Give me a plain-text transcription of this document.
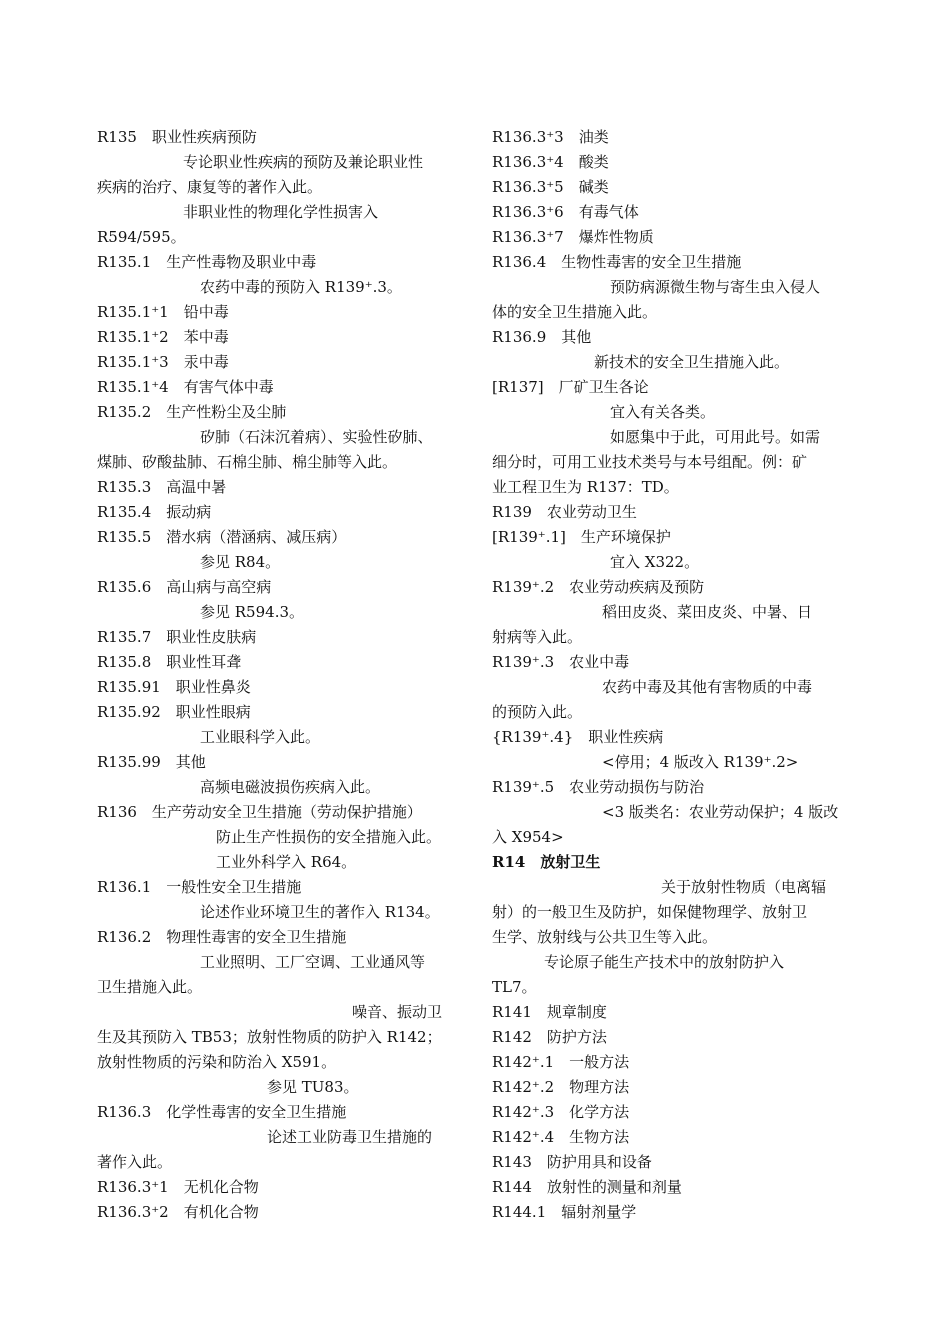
R135　职业性疾病预防
专论职业性疾病的预防及兼论职业性
疾病的治疗、康复等的著作入此。
非职业性的物理化学性损害入
R594/595。
R135.1　生产性毒物及职业中毒
农药中毒的预防入 R139⁺.3。
R135.1⁺1　铅中毒
R135.1⁺2　苯中毒
R135.1⁺3　汞中毒
R135.1⁺4　有害气体中毒
R135.2　生产性粉尘及尘肺
矽肺（石沫沉着病）、实验性矽肺、
煤肺、矽酸盐肺、石棉尘肺、棉尘肺等入此。
R135.3　高温中暑
R135.4　振动病
R135.5　潜水病（潜涵病、减压病）
参见 R84。
R135.6　高山病与高空病
参见 R594.3。
R135.7　职业性皮肤病
R135.8　职业性耳聋
R135.91　职业性鼻炎
R135.92　职业性眼病
工业眼科学入此。
R135.99　其他
高频电磁波损伤疾病入此。
R136　生产劳动安全卫生措施（劳动保护措施）
防止生产性损伤的安全措施入此。
工业外科学入 R64。
R136.1　一般性安全卫生措施
论述作业环境卫生的著作入 R134。
R136.2　物理性毒害的安全卫生措施
工业照明、工厂空调、工业通风等
卫生措施入此。
噪音、振动卫
生及其预防入 TB53；放射性物质的防护入 R142；
放射性物质的污染和防治入 X591。
参见 TU83。
R136.3　化学性毒害的安全卫生措施
论述工业防毒卫生措施的
著作入此。
R136.3⁺1　无机化合物
R136.3⁺2　有机化合物
R136.3⁺3　油类
R136.3⁺4　酸类
R136.3⁺5　碱类
R136.3⁺6　有毒气体
R136.3⁺7　爆炸性物质
R136.4　生物性毒害的安全卫生措施
预防病源微生物与寄生虫入侵人
体的安全卫生措施入此。
R136.9　其他
新技术的安全卫生措施入此。
[R137]　厂矿卫生各论
宜入有关各类。
如愿集中于此，可用此号。如需
细分时，可用工业技术类号与本号组配。例：矿
业工程卫生为 R137：TD。
R139　农业劳动卫生
[R139⁺.1]　生产环境保护
宜入 X322。
R139⁺.2　农业劳动疾病及预防
稻田皮炎、菜田皮炎、中暑、日
射病等入此。
R139⁺.3　农业中毒
农药中毒及其他有害物质的中毒
的预防入此。
{R139⁺.4}　职业性疾病
<停用；4 版改入 R139⁺.2>
R139⁺.5　农业劳动损伤与防治
<3 版类名：农业劳动保护；4 版改
入 X954>
R14　放射卫生
关于放射性物质（电离辐
射）的一般卫生及防护，如保健物理学、放射卫
生学、放射线与公共卫生等入此。
专论原子能生产技术中的放射防护入
TL7。
R141　规章制度
R142　防护方法
R142⁺.1　一般方法
R142⁺.2　物理方法
R142⁺.3　化学方法
R142⁺.4　生物方法
R143　防护用具和设备
R144　放射性的测量和剂量
R144.1　辐射剂量学
